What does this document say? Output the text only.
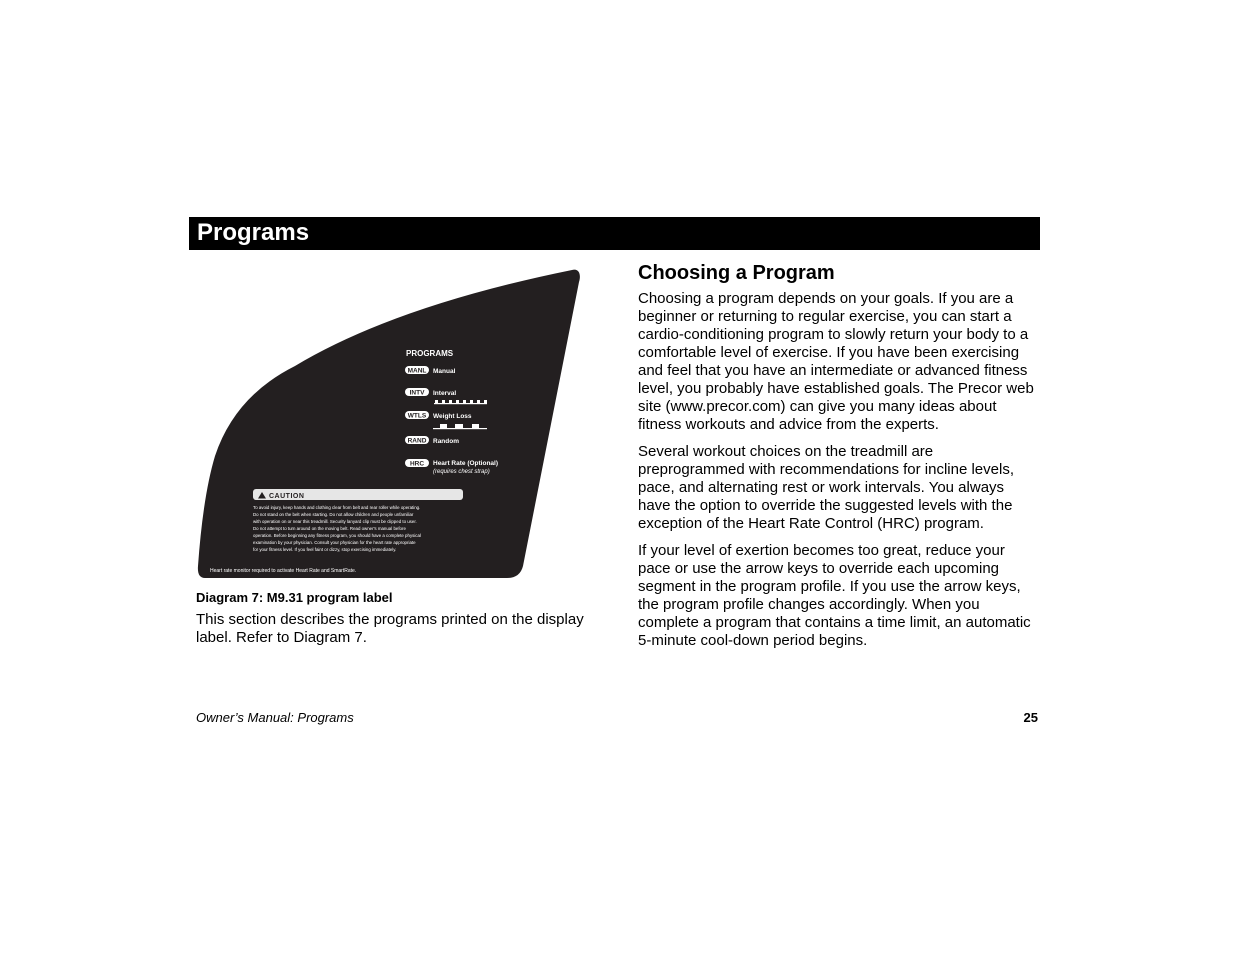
Programs
PROGRAMS
MANL Manual
INTV Interval
WTLS Weight Loss
RAND Random
HRC Heart Rate (Optional)
(requires chest strap)
CAUTION
To avoid injury, keep hands and clothing clear from belt and rear roller while operating.
Do not stand on the belt when starting. Do not allow children and people unfamiliar
with operation on or near this treadmill. Security lanyard clip must be clipped to user.
Do not attempt to turn around on the moving belt. Read owner's manual before
operation. Before beginning any fitness program, you should have a complete physical
examination by your physician. Consult your physician for the heart rate appropriate
for your fitness level. If you feel faint or dizzy, stop exercising immediately.
Heart rate monitor required to activate Heart Rate and SmartRate.
Diagram 7: M9.31 program label

This section describes the programs printed on the display label. Refer to Diagram 7.

Choosing a Program

Choosing a program depends on your goals. If you are a beginner or returning to regular exercise, you can start a cardio-conditioning program to slowly return your body to a comfortable level of exercise. If you have been exercising and feel that you have an intermediate or advanced fitness level, you probably have established goals. The Precor web site (www.precor.com) can give you many ideas about fitness workouts and advice from the experts.

Several workout choices on the treadmill are preprogrammed with recommendations for incline levels, pace, and alternating rest or work intervals. You always have the option to override the suggested levels with the exception of the Heart Rate Control (HRC) program.

If your level of exertion becomes too great, reduce your pace or use the arrow keys to override each upcoming segment in the program profile. If you use the arrow keys, the program profile changes accordingly. When you complete a program that contains a time limit, an automatic 5-minute cool-down period begins.

Owner’s Manual: Programs	25
